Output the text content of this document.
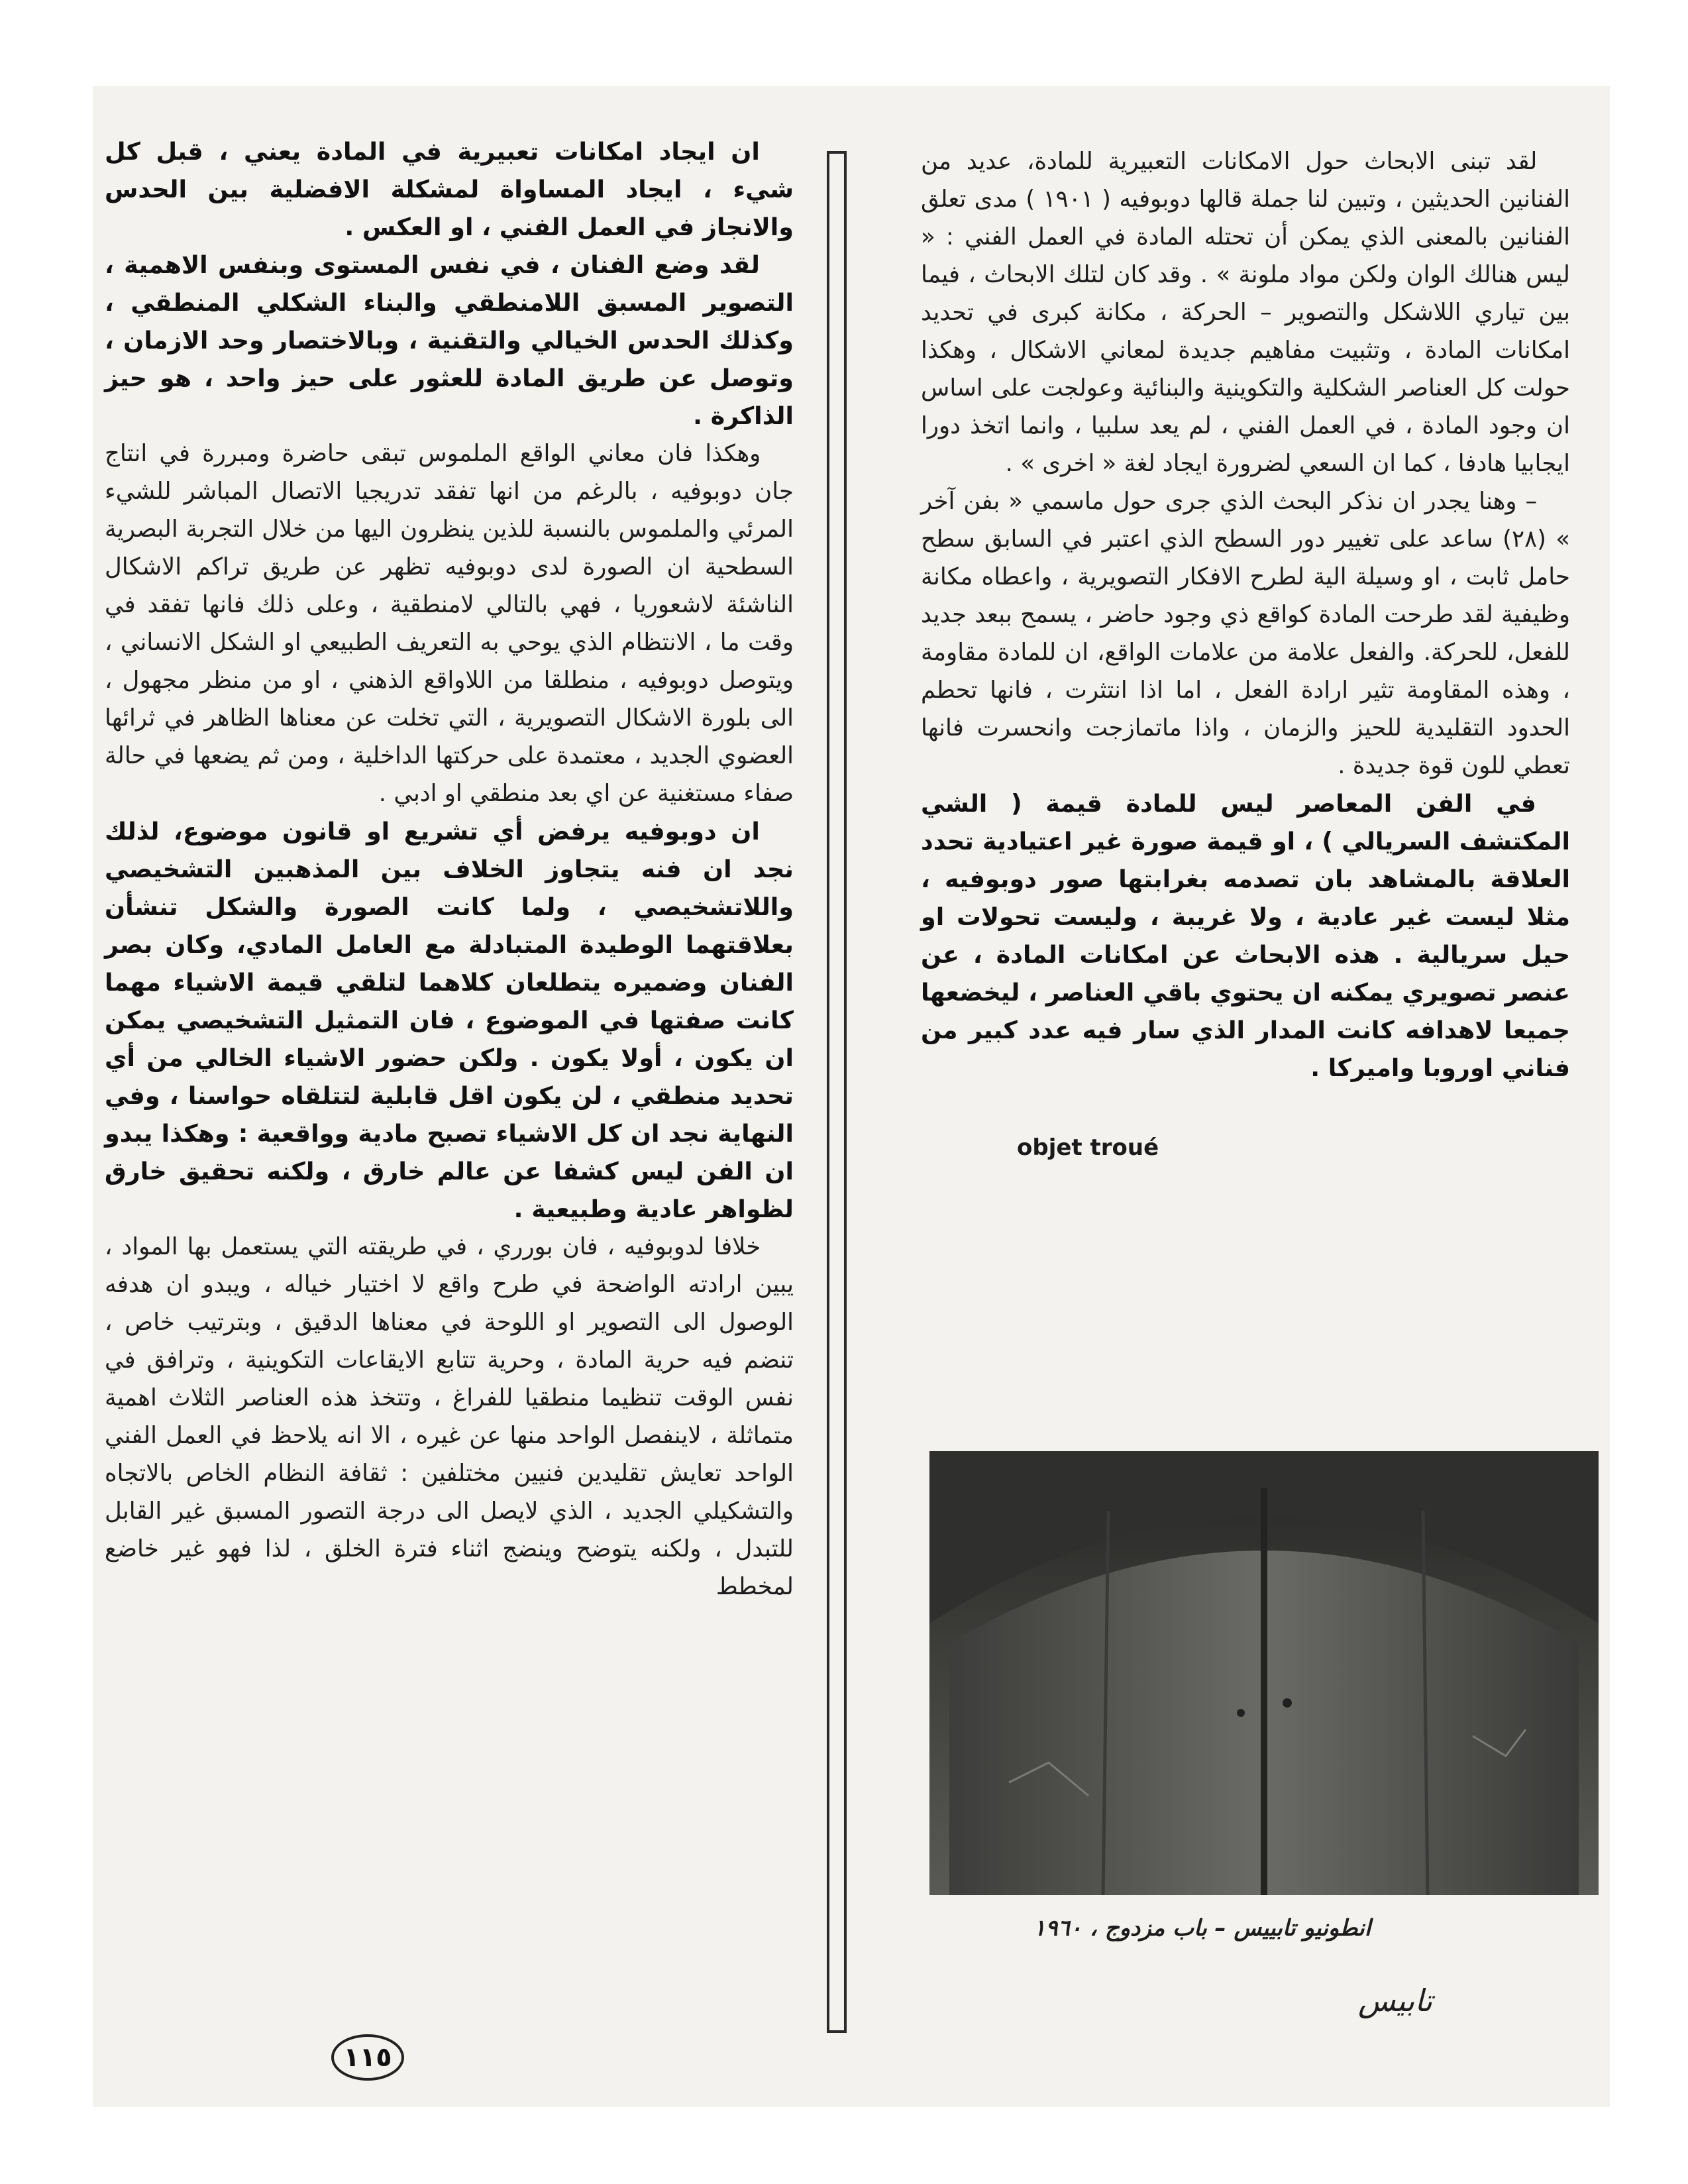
لقد تبنى الابحاث حول الامكانات التعبيرية للمادة، عديد من الفنانين الحديثين ، وتبين لنا جملة قالها دوبوفيه ( ١٩٠١ ) مدى تعلق الفنانين بالمعنى الذي يمكن أن تحتله المادة في العمل الفني : « ليس هنالك الوان ولكن مواد ملونة » . وقد كان لتلك الابحاث ، فيما بين تياري اللاشكل والتصوير – الحركة ، مكانة كبرى في تحديد امكانات المادة ، وتثبيت مفاهيم جديدة لمعاني الاشكال ، وهكذا حولت كل العناصر الشكلية والتكوينية والبنائية وعولجت على اساس ان وجود المادة ، في العمل الفني ، لم يعد سلبيا ، وانما اتخذ دورا ايجابيا هادفا ، كما ان السعي لضرورة ايجاد لغة « اخرى » .

– وهنا يجدر ان نذكر البحث الذي جرى حول ماسمي « بفن آخر » (٢٨) ساعد على تغيير دور السطح الذي اعتبر في السابق سطح حامل ثابت ، او وسيلة الية لطرح الافكار التصويرية ، واعطاه مكانة وظيفية لقد طرحت المادة كواقع ذي وجود حاضر ، يسمح ببعد جديد للفعل، للحركة. والفعل علامة من علامات الواقع، ان للمادة مقاومة ، وهذه المقاومة تثير ارادة الفعل ، اما اذا انتثرت ، فانها تحطم الحدود التقليدية للحيز والزمان ، واذا ماتمازجت وانحسرت فانها تعطي للون قوة جديدة .

في الفن المعاصر ليس للمادة قيمة ( الشي المكتشف السريالي ) ، او قيمة صورة غير اعتيادية تحدد العلاقة بالمشاهد بان تصدمه بغرابتها صور دوبوفيه ، مثلا ليست غير عادية ، ولا غريبة ، وليست تحولات او حيل سريالية . هذه الابحاث عن امكانات المادة ، عن عنصر تصويري يمكنه ان يحتوي باقي العناصر ، ليخضعها جميعا لاهدافه كانت المدار الذي سار فيه عدد كبير من فناني اوروبا واميركا .

objet troué

ان ايجاد امكانات تعبيرية في المادة يعني ، قبل كل شيء ، ايجاد المساواة لمشكلة الافضلية بين الحدس والانجاز في العمل الفني ، او العكس .

لقد وضع الفنان ، في نفس المستوى وبنفس الاهمية ، التصوير المسبق اللامنطقي والبناء الشكلي المنطقي ، وكذلك الحدس الخيالي والتقنية ، وبالاختصار وحد الازمان ، وتوصل عن طريق المادة للعثور على حيز واحد ، هو حيز الذاكرة .

وهكذا فان معاني الواقع الملموس تبقى حاضرة ومبررة في انتاج جان دوبوفيه ، بالرغم من انها تفقد تدريجيا الاتصال المباشر للشيء المرئي والملموس بالنسبة للذين ينظرون اليها من خلال التجربة البصرية السطحية ان الصورة لدى دوبوفيه تظهر عن طريق تراكم الاشكال الناشئة لاشعوريا ، فهي بالتالي لامنطقية ، وعلى ذلك فانها تفقد في وقت ما ، الانتظام الذي يوحي به التعريف الطبيعي او الشكل الانساني ، ويتوصل دوبوفيه ، منطلقا من اللاواقع الذهني ، او من منظر مجهول ، الى بلورة الاشكال التصويرية ، التي تخلت عن معناها الظاهر في ثرائها العضوي الجديد ، معتمدة على حركتها الداخلية ، ومن ثم يضعها في حالة صفاء مستغنية عن اي بعد منطقي او ادبي .

ان دوبوفيه يرفض أي تشريع او قانون موضوع، لذلك نجد ان فنه يتجاوز الخلاف بين المذهبين التشخيصي واللاتشخيصي ، ولما كانت الصورة والشكل تنشأن بعلاقتهما الوطيدة المتبادلة مع العامل المادي، وكان بصر الفنان وضميره يتطلعان كلاهما لتلقي قيمة الاشياء مهما كانت صفتها في الموضوع ، فان التمثيل التشخيصي يمكن ان يكون ، أولا يكون . ولكن حضور الاشياء الخالي من أي تحديد منطقي ، لن يكون اقل قابلية لتتلقاه حواسنا ، وفي النهاية نجد ان كل الاشياء تصبح مادية وواقعية : وهكذا يبدو ان الفن ليس كشفا عن عالم خارق ، ولكنه تحقيق خارق لظواهر عادية وطبيعية .

خلافا لدوبوفيه ، فان بورري ، في طريقته التي يستعمل بها المواد ، يبين ارادته الواضحة في طرح واقع لا اختيار خياله ، ويبدو ان هدفه الوصول الى التصوير او اللوحة في معناها الدقيق ، وبترتيب خاص ، تنضم فيه حرية المادة ، وحرية تتابع الايقاعات التكوينية ، وترافق في نفس الوقت تنظيما منطقيا للفراغ ، وتتخذ هذه العناصر الثلاث اهمية متماثلة ، لاينفصل الواحد منها عن غيره ، الا انه يلاحظ في العمل الفني الواحد تعايش تقليدين فنيين مختلفين : ثقافة النظام الخاص بالاتجاه والتشكيلي الجديد ، الذي لايصل الى درجة التصور المسبق غير القابل للتبدل ، ولكنه يتوضح وينضج اثناء فترة الخلق ، لذا فهو غير خاضع لمخطط

انطونيو تابييس – باب مزدوج ، ١٩٦٠
تابيس
١١٥
